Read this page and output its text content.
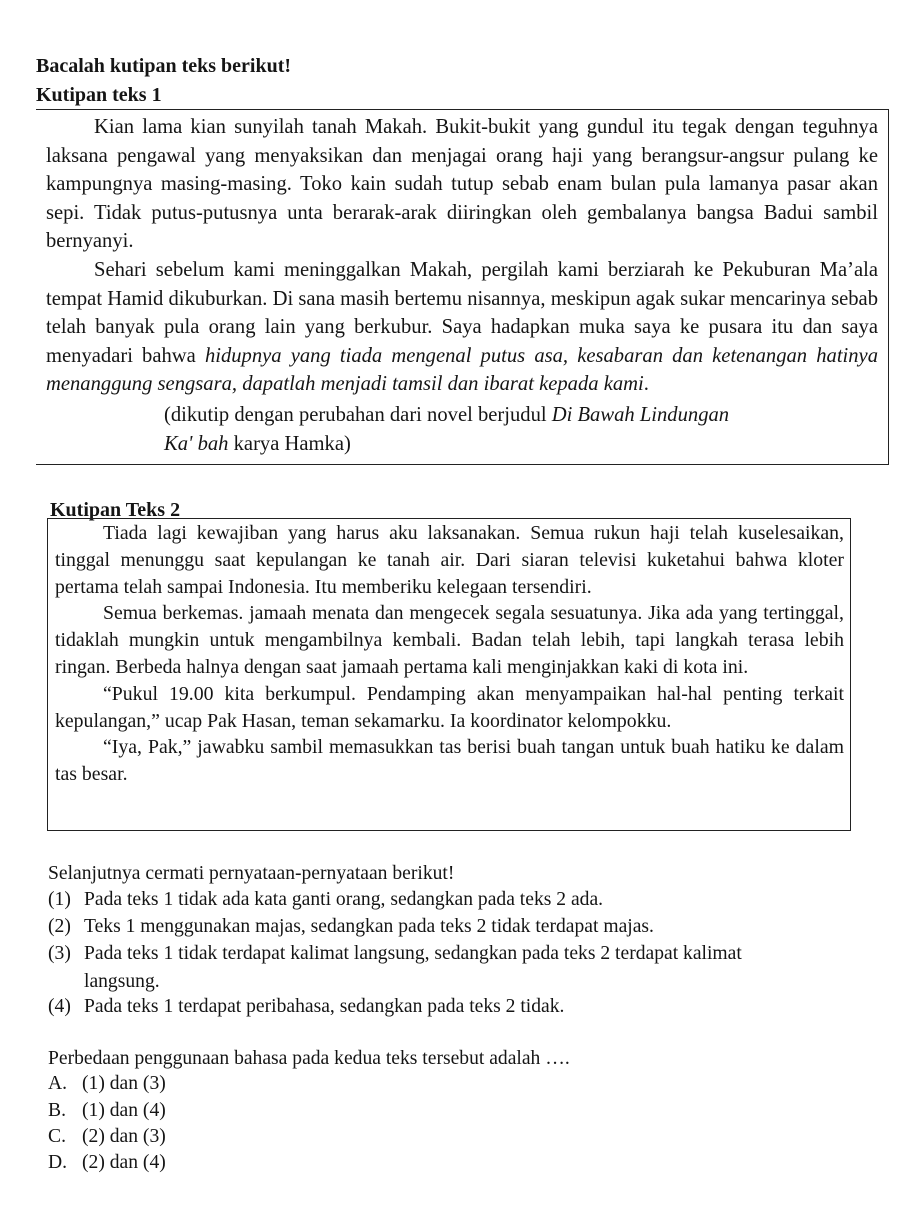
Bacalah kutipan teks berikut!
Kutipan teks 1

Kian lama kian sunyilah tanah Makah. Bukit-bukit yang gundul itu tegak dengan teguhnya laksana pengawal yang menyaksikan dan menjagai orang haji yang berangsur-angsur pulang ke kampungnya masing-masing. Toko kain sudah tutup sebab enam bulan pula lamanya pasar akan sepi. Tidak putus-putusnya unta berarak-arak diiringkan oleh gembalanya bangsa Badui sambil bernyanyi.

Sehari sebelum kami meninggalkan Makah, pergilah kami berziarah ke Pekuburan Ma’ala tempat Hamid dikuburkan. Di sana masih bertemu nisannya, meskipun agak sukar mencarinya sebab telah banyak pula orang lain yang berkubur. Saya hadapkan muka saya ke pusara itu dan saya menyadari bahwa hidupnya yang tiada mengenal putus asa, kesabaran dan ketenangan hatinya menanggung sengsara, dapatlah menjadi tamsil dan ibarat kepada kami.

(dikutip dengan perubahan dari novel berjudul Di Bawah Lindungan
Ka' bah karya Hamka)

Kutipan Teks 2

Tiada lagi kewajiban yang harus aku laksanakan. Semua rukun haji telah kuselesaikan, tinggal menunggu saat kepulangan ke tanah air. Dari siaran televisi kuketahui bahwa kloter pertama telah sampai Indonesia. Itu memberiku kelegaan tersendiri.

Semua berkemas. jamaah menata dan mengecek segala sesuatunya. Jika ada yang tertinggal, tidaklah mungkin untuk mengambilnya kembali. Badan telah lebih, tapi langkah terasa lebih ringan. Berbeda halnya dengan saat jamaah pertama kali menginjakkan kaki di kota ini.

“Pukul 19.00 kita berkumpul. Pendamping akan menyampaikan hal-hal penting terkait kepulangan,” ucap Pak Hasan, teman sekamarku. Ia koordinator kelompokku.

“Iya, Pak,” jawabku sambil memasukkan tas berisi buah tangan untuk buah hatiku ke dalam tas besar.

Selanjutnya cermati pernyataan-pernyataan berikut!
(1) Pada teks 1 tidak ada kata ganti orang, sedangkan pada teks 2 ada.
(2) Teks 1 menggunakan majas, sedangkan pada teks 2 tidak terdapat majas.
(3) Pada teks 1 tidak terdapat kalimat langsung, sedangkan pada teks 2 terdapat kalimat
langsung.
(4) Pada teks 1 terdapat peribahasa, sedangkan pada teks 2 tidak.
Perbedaan penggunaan bahasa pada kedua teks tersebut adalah ….
A. (1) dan (3)
B. (1) dan (4)
C. (2) dan (3)
D. (2) dan (4)
